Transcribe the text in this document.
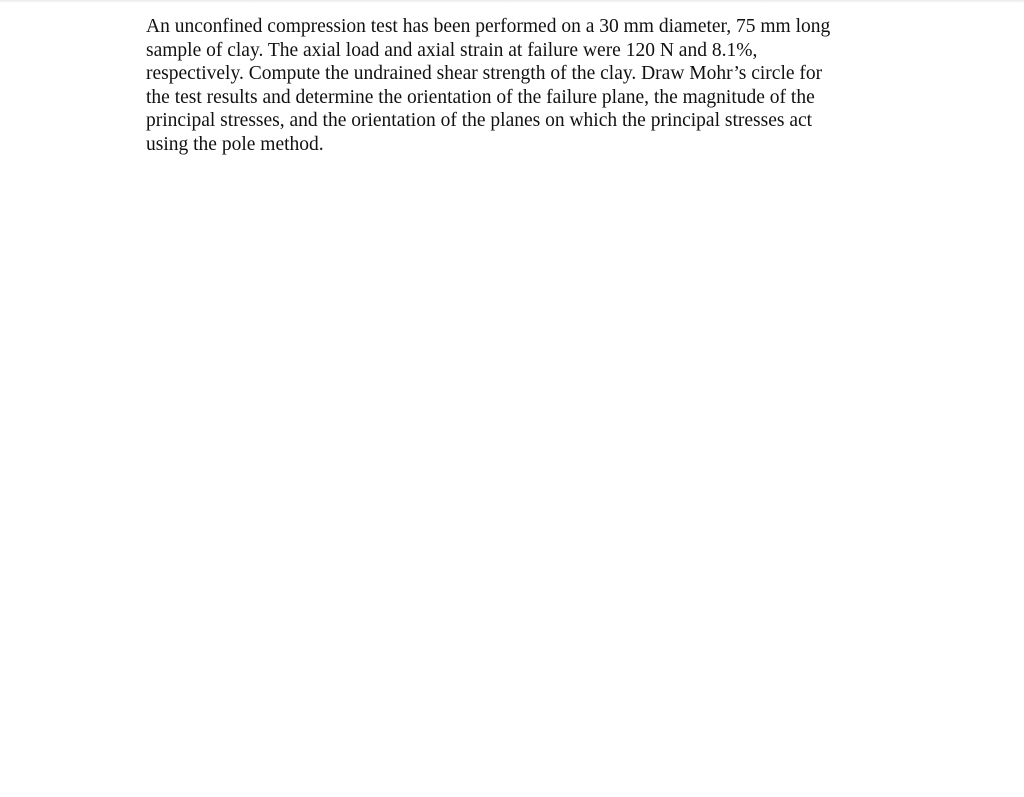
An unconfined compression test has been performed on a 30 mm diameter, 75 mm long
sample of clay. The axial load and axial strain at failure were 120 N and 8.1%,
respectively. Compute the undrained shear strength of the clay. Draw Mohr’s circle for
the test results and determine the orientation of the failure plane, the magnitude of the
principal stresses, and the orientation of the planes on which the principal stresses act
using the pole method.
